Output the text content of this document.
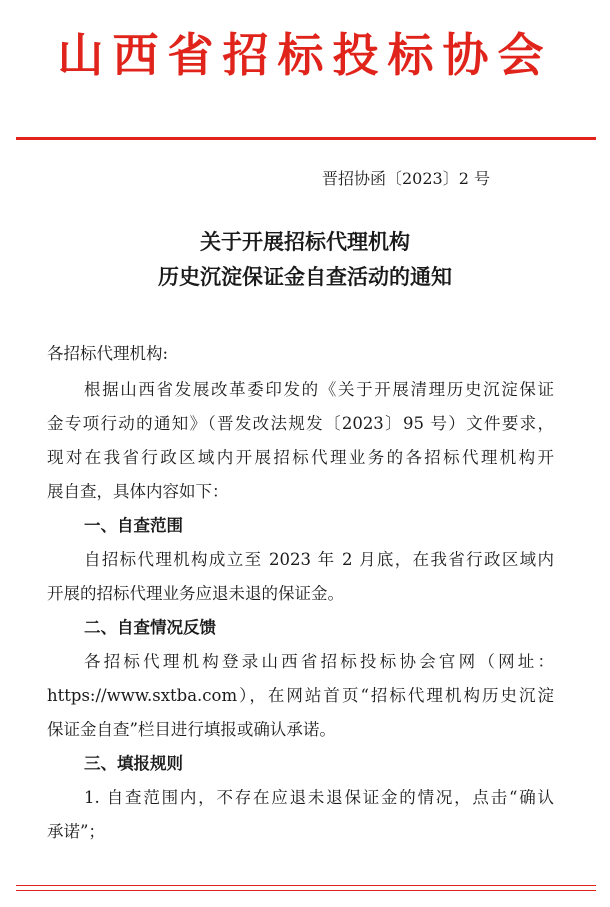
山西省招标投标协会
晋招协函〔2023〕2 号
关于开展招标代理机构
历史沉淀保证金自查活动的通知
各招标代理机构:
根据山西省发展改革委印发的《关于开展清理历史沉淀保证
金专项行动的通知》（晋发改法规发〔2023〕95 号）文件要求，
现对在我省行政区域内开展招标代理业务的各招标代理机构开
展自查，具体内容如下：
一、自查范围
自招标代理机构成立至 2023 年 2 月底，在我省行政区域内
开展的招标代理业务应退未退的保证金。
二、自查情况反馈
各招标代理机构登录山西省招标投标协会官网（网址：
https://www.sxtba.com），在网站首页“招标代理机构历史沉淀
保证金自查”栏目进行填报或确认承诺。
三、填报规则
1. 自查范围内，不存在应退未退保证金的情况，点击“确认
承诺”；
